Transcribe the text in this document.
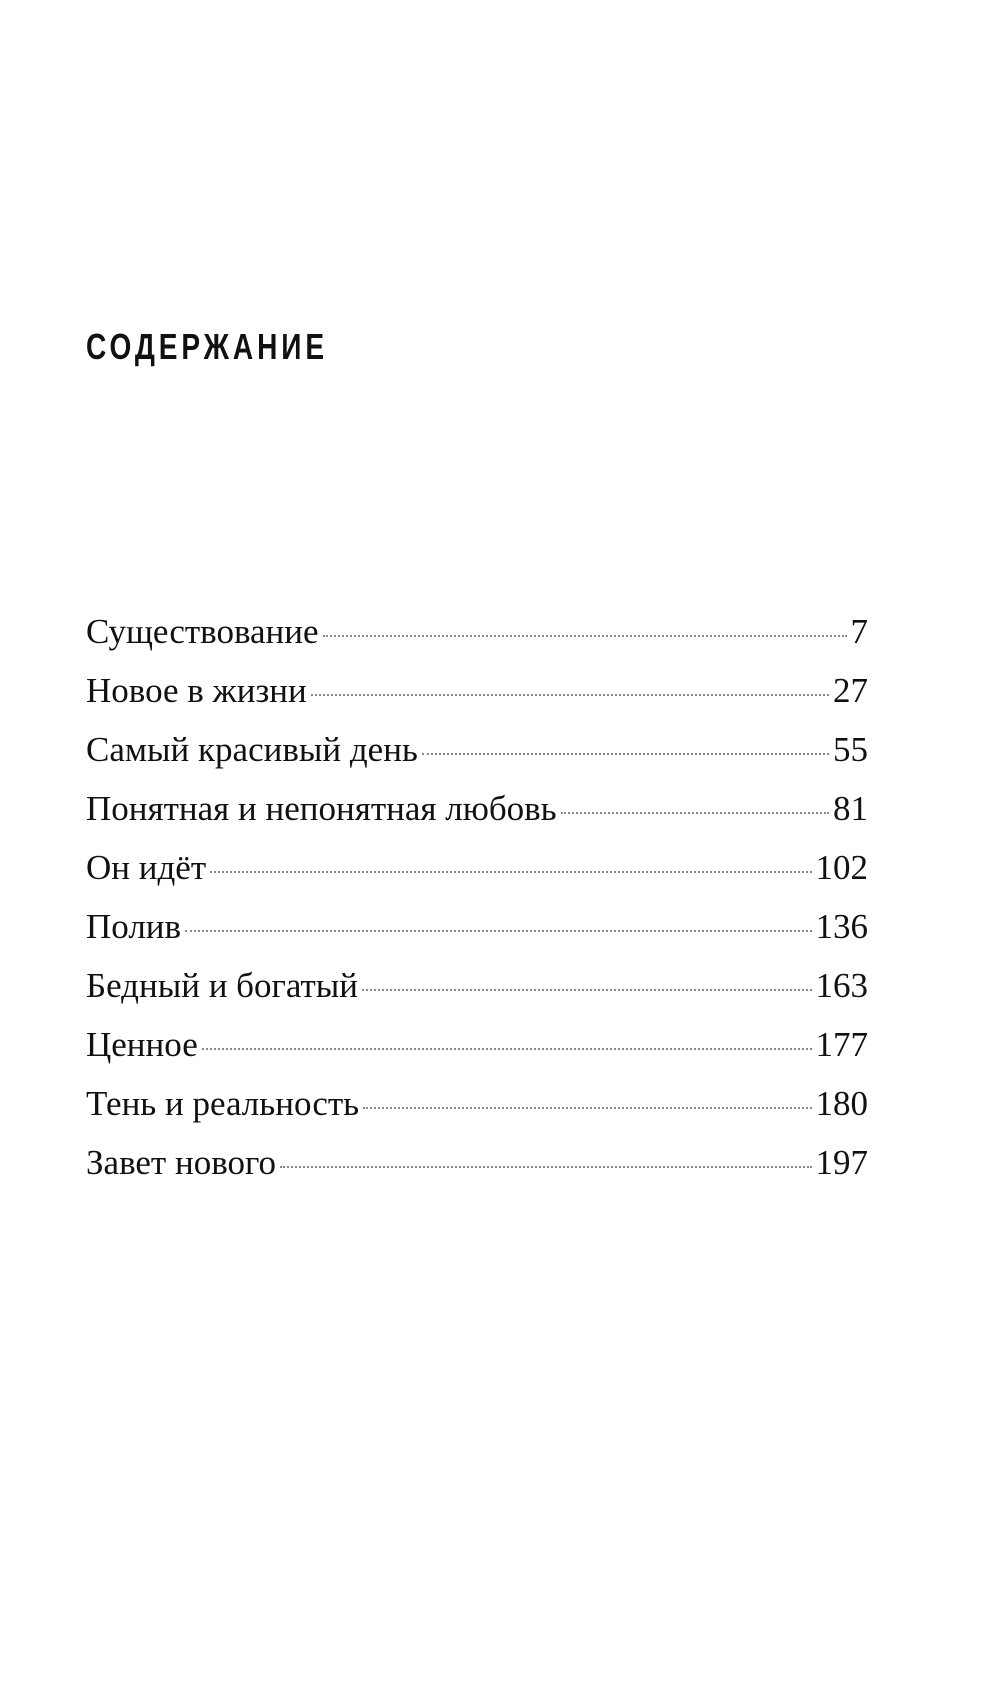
СОДЕРЖАНИЕ
Существование	7
Новое в жизни	27
Самый красивый день	55
Понятная и непонятная любовь	81
Он идёт	102
Полив	136
Бедный и богатый	163
Ценное	177
Тень и реальность	180
Завет нового	197
